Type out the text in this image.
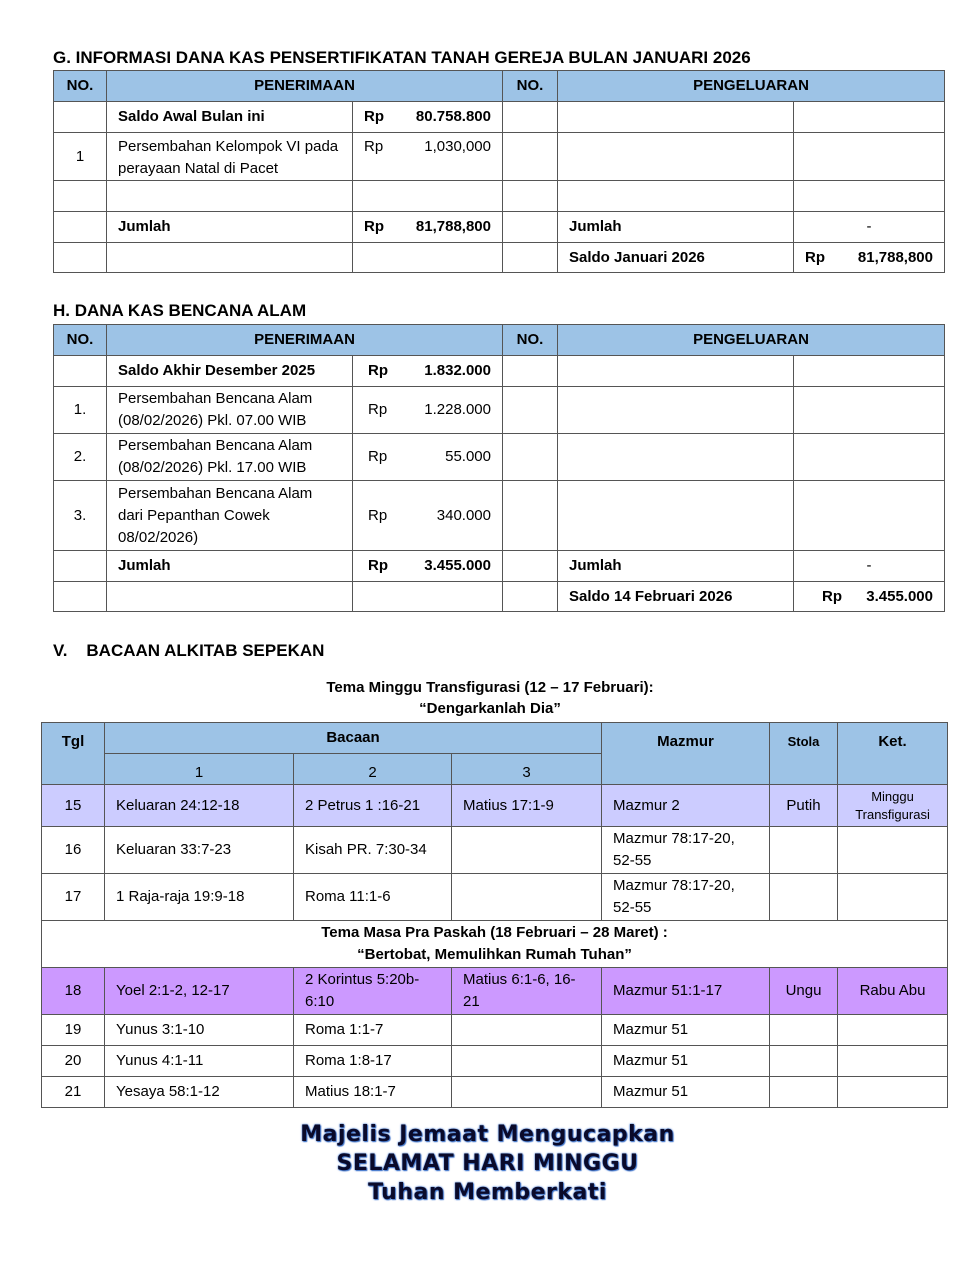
G. INFORMASI DANA KAS PENSERTIFIKATAN TANAH GEREJA BULAN JANUARI 2026
NO.	PENERIMAAN		NO.	PENGELUARAN	
	Saldo Awal Bulan ini	Rp 80.758.800			

1	Persembahan Kelompok VI pada perayaan Natal di Pacet	Rp 1,030,000			

	Jumlah	Rp 81,788,800		Jumlah	-
				Saldo Januari 2026	Rp 81,788,800
H. DANA KAS BENCANA ALAM
NO.	PENERIMAAN		NO.	PENGELUARAN	
	Saldo Akhir Desember 2025	Rp 1.832.000			

1.	Persembahan Bencana Alam (08/02/2026) Pkl. 07.00 WIB	Rp 1.228.000			

2.	Persembahan Bencana Alam (08/02/2026) Pkl. 17.00 WIB	Rp 55.000			

3.	Persembahan Bencana Alam dari Pepanthan Cowek 08/02/2026)	Rp 340.000			

	Jumlah	Rp 3.455.000		Jumlah	-
				Saldo 14 Februari 2026	Rp 3.455.000
V.    BACAAN ALKITAB SEPEKAN
Tema Minggu Transfigurasi (12 – 17 Februari):
“Dengarkanlah Dia”
Tgl	Bacaan			Mazmur	Stola	Ket.
	1	2	3			
15	Keluaran 24:12-18	2 Petrus 1 :16-21	Matius 17:1-9	Mazmur 2	Putih	Minggu Transfigurasi
16	Keluaran 33:7-23	Kisah PR. 7:30-34		Mazmur 78:17-20, 52-55		
17	1 Raja-raja 19:9-18	Roma 11:1-6		Mazmur 78:17-20, 52-55		

Tema Masa Pra Paskah (18 Februari – 28 Maret) :
“Bertobat, Memulihkan Rumah Tuhan”						

18	Yoel 2:1-2, 12-17	2 Korintus 5:20b-6:10	Matius 6:1-6, 16-21	Mazmur 51:1-17	Ungu	Rabu Abu
19	Yunus 3:1-10	Roma 1:1-7		Mazmur 51		
20	Yunus 4:1-11	Roma 1:8-17		Mazmur 51		
21	Yesaya 58:1-12	Matius 18:1-7		Mazmur 51		
Majelis Jemaat Mengucapkan
SELAMAT HARI MINGGU
Tuhan Memberkati
